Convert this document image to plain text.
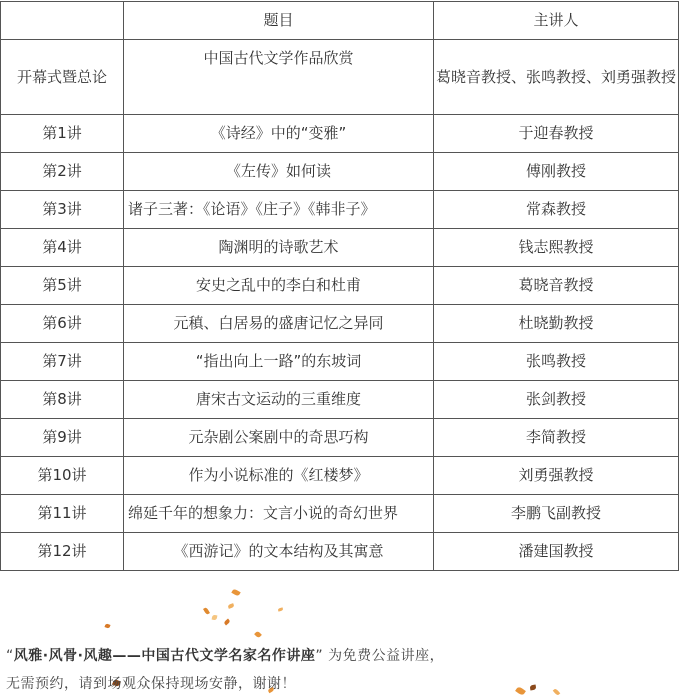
	题目	主讲人
开幕式暨总论	中国古代文学作品欣赏	葛晓音教授、张鸣教授、刘勇强教授
第1讲	《诗经》中的“变雅”	于迎春教授
第2讲	《左传》如何读	傅刚教授
第3讲	诸子三著：《论语》《庄子》《韩非子》	常森教授
第4讲	陶渊明的诗歌艺术	钱志熙教授
第5讲	安史之乱中的李白和杜甫	葛晓音教授
第6讲	元稹、白居易的盛唐记忆之异同	杜晓勤教授
第7讲	“指出向上一路”的东坡词	张鸣教授
第8讲	唐宋古文运动的三重维度	张剑教授
第9讲	元杂剧公案剧中的奇思巧构	李简教授
第10讲	作为小说标准的《红楼梦》	刘勇强教授
第11讲	绵延千年的想象力：文言小说的奇幻世界	李鹏飞副教授
第12讲	《西游记》的文本结构及其寓意	潘建国教授
“风雅·风骨·风趣——中国古代文学名家名作讲座” 为免费公益讲座，
无需预约，请到场观众保持现场安静，谢谢！
